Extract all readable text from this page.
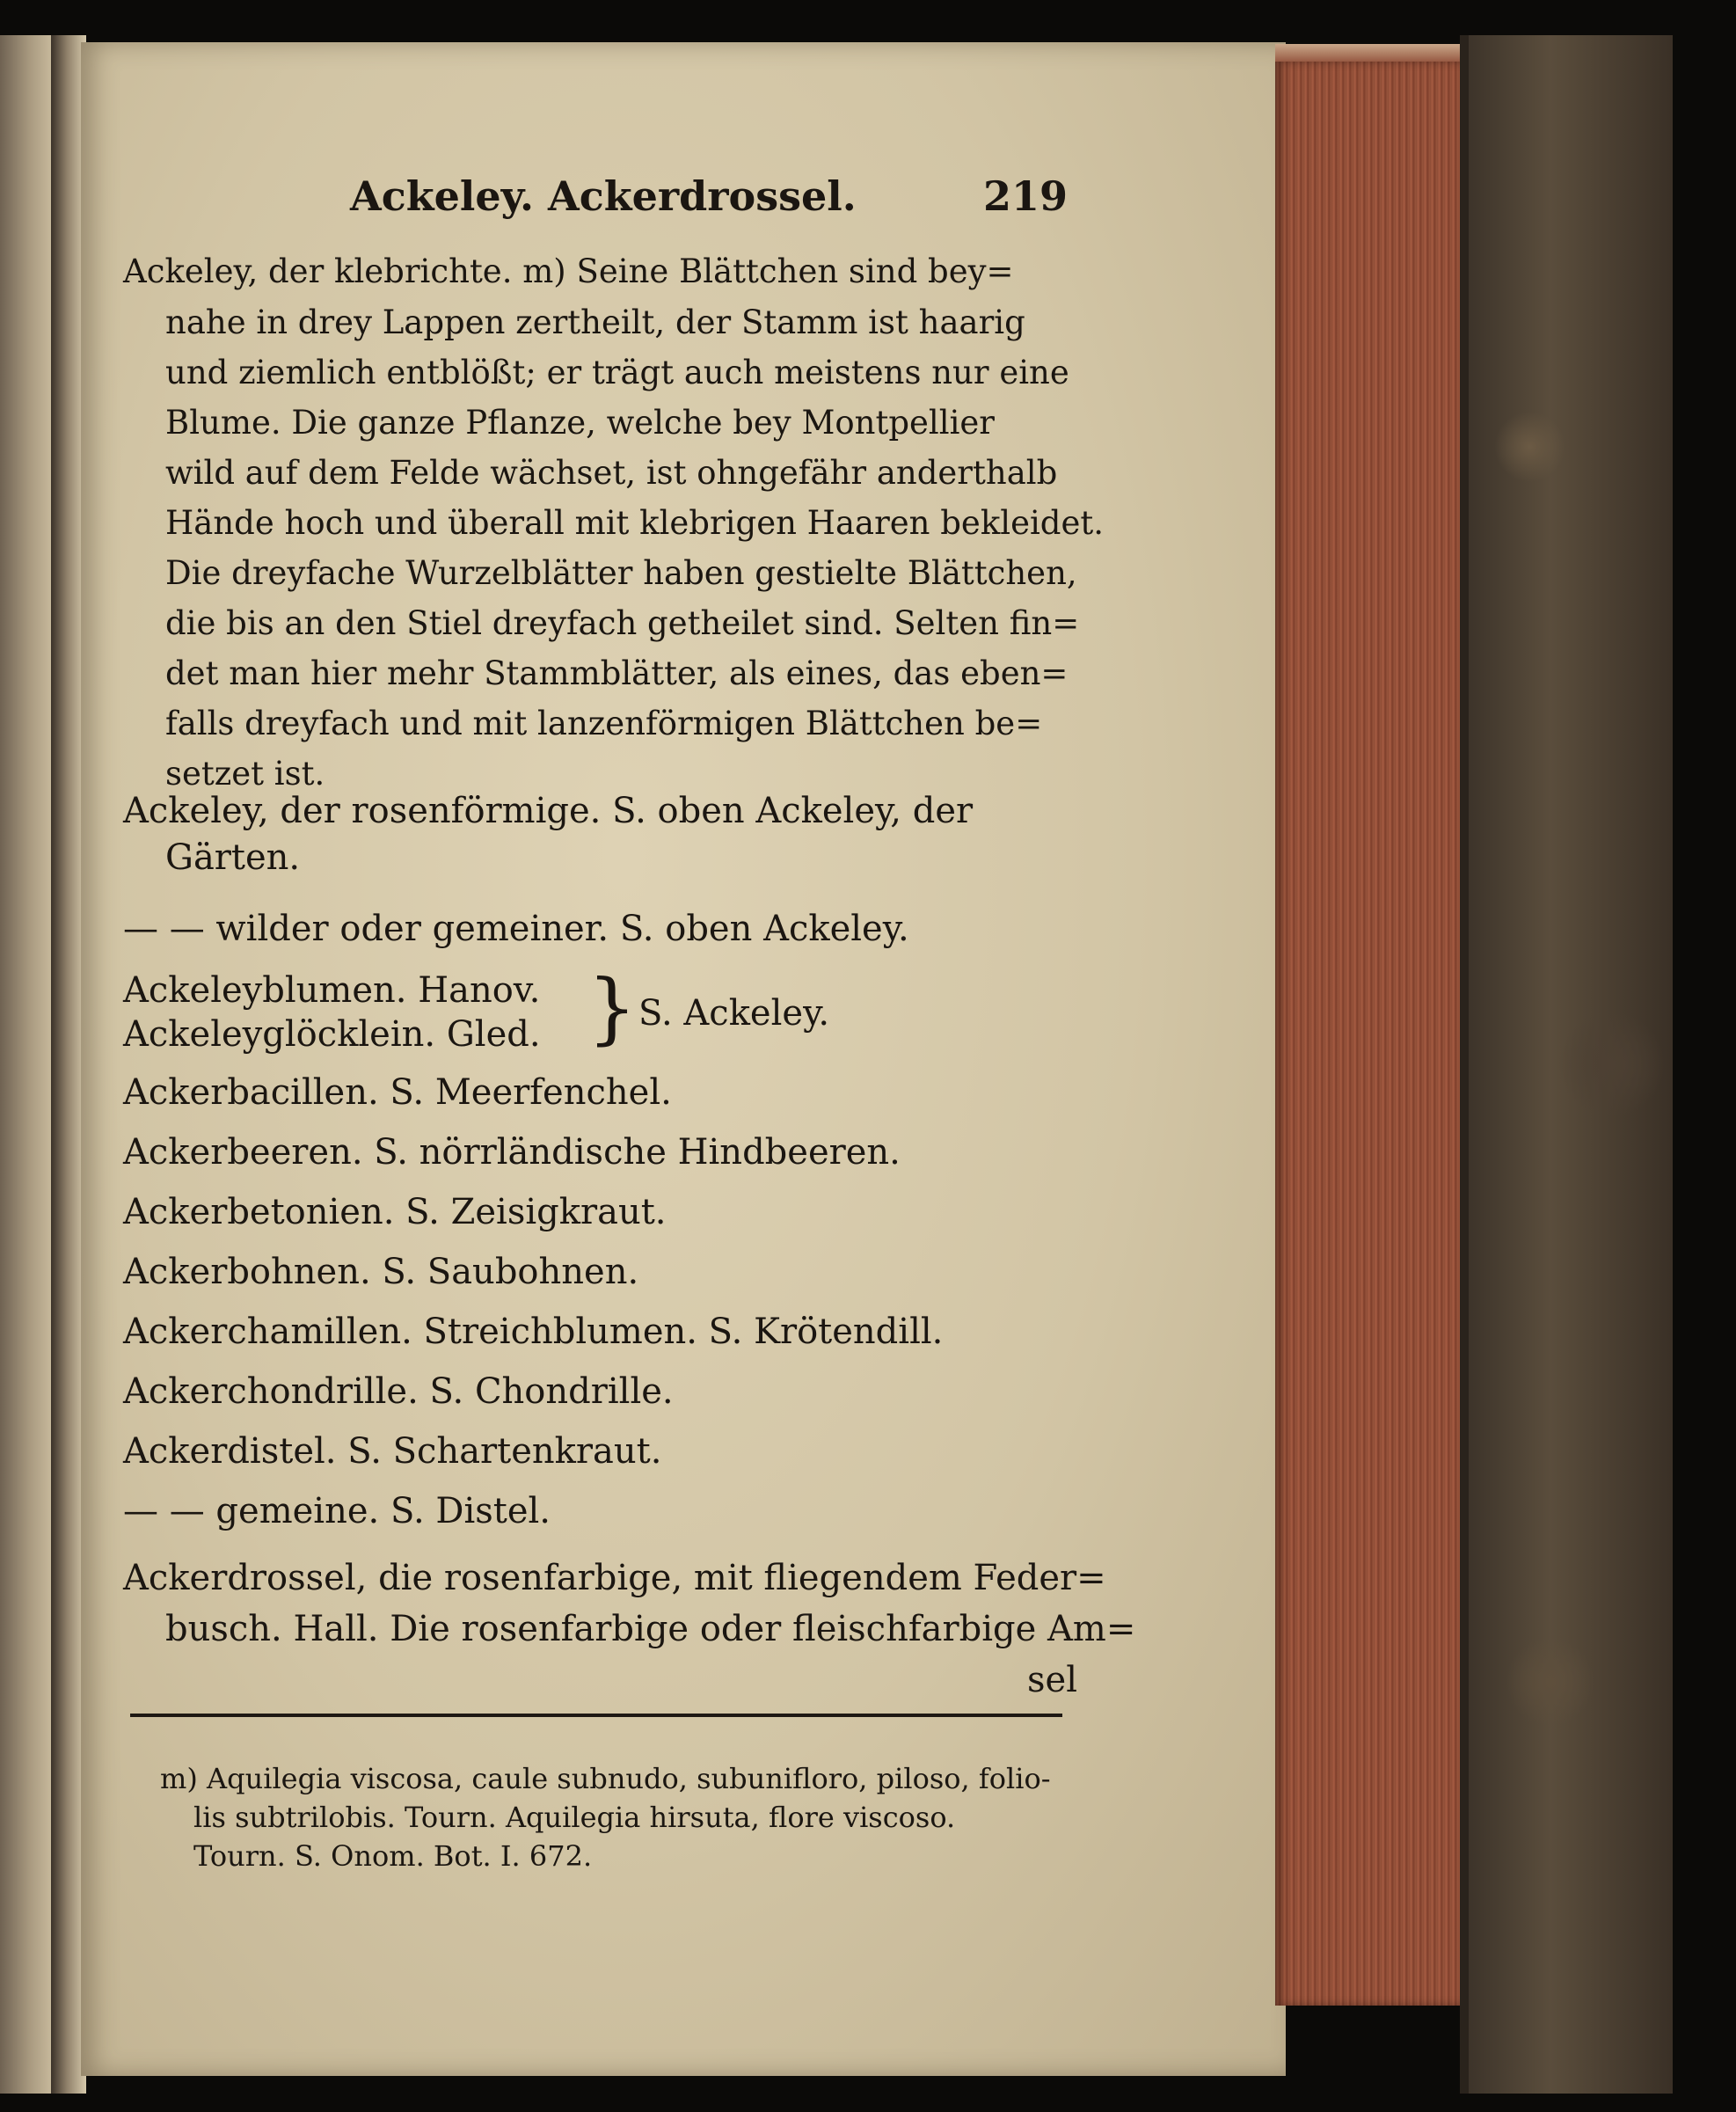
Ackeley. Ackerdrossel.	219
Ackeley, der klebrichte. m) Seine Blättchen sind bey=
nahe in drey Lappen zertheilt, der Stamm ist haarig
und ziemlich entblößt; er trägt auch meistens nur eine
Blume. Die ganze Pflanze, welche bey Montpellier
wild auf dem Felde wächset, ist ohngefähr anderthalb
Hände hoch und überall mit klebrigen Haaren bekleidet.
Die dreyfache Wurzelblätter haben gestielte Blättchen,
die bis an den Stiel dreyfach getheilet sind. Selten fin=
det man hier mehr Stammblätter, als eines, das eben=
falls dreyfach und mit lanzenförmigen Blättchen be=
setzet ist.
Ackeley, der rosenförmige. S. oben Ackeley, der
Gärten.
— — wilder oder gemeiner. S. oben Ackeley.
Ackeleyblumen. Hanov.
Ackeleyglöcklein. Gled. } S. Ackeley.
Ackerbacillen. S. Meerfenchel.
Ackerbeeren. S. nörrländische Hindbeeren.
Ackerbetonien. S. Zeisigkraut.
Ackerbohnen. S. Saubohnen.
Ackerchamillen. Streichblumen. S. Krötendill.
Ackerchondrille. S. Chondrille.
Ackerdistel. S. Schartenkraut.
— — gemeine. S. Distel.
Ackerdrossel, die rosenfarbige, mit fliegendem Feder=
busch. Hall. Die rosenfarbige oder fleischfarbige Am=
sel
m) Aquilegia viscosa, caule subnudo, subunifloro, piloso, folio-
lis subtrilobis. Tourn. Aquilegia hirsuta, flore viscoso.
Tourn. S. Onom. Bot. I. 672.
